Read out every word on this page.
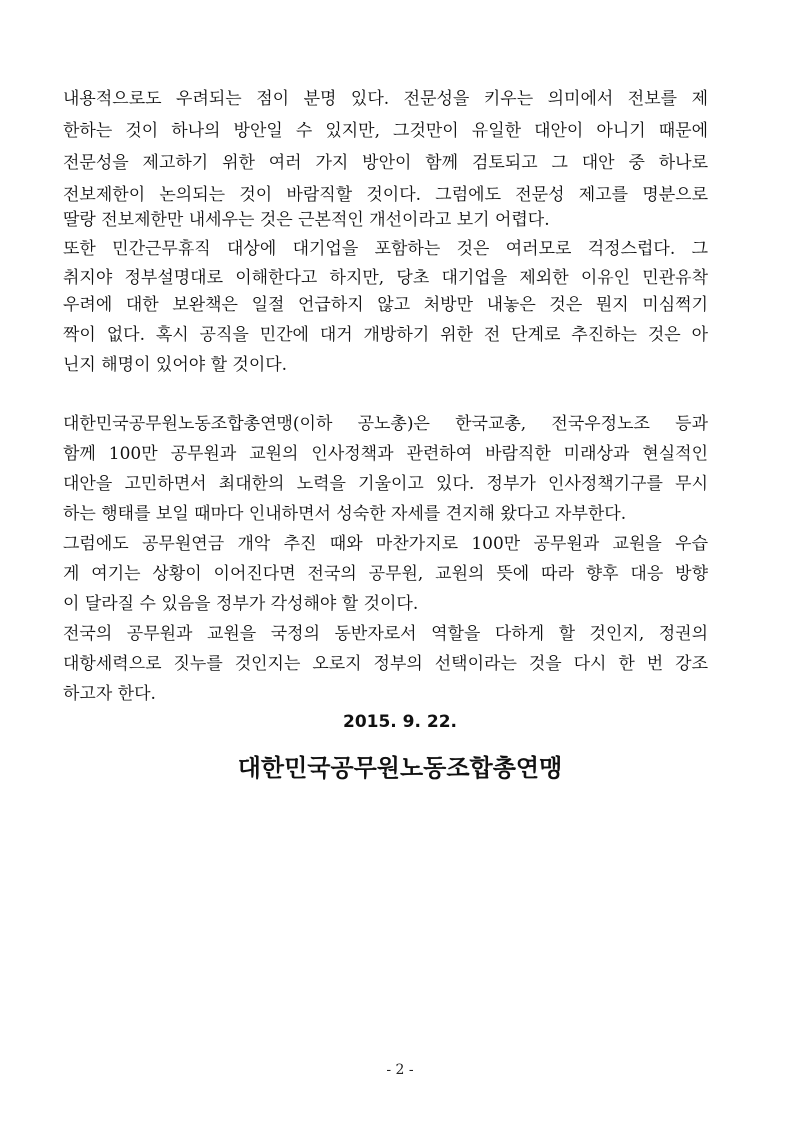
내용적으로도 우려되는 점이 분명 있다. 전문성을 키우는 의미에서 전보를 제
한하는 것이 하나의 방안일 수 있지만, 그것만이 유일한 대안이 아니기 때문에
전문성을 제고하기 위한 여러 가지 방안이 함께 검토되고 그 대안 중 하나로
전보제한이 논의되는 것이 바람직할 것이다. 그럼에도 전문성 제고를 명분으로
딸랑 전보제한만 내세우는 것은 근본적인 개선이라고 보기 어렵다.
또한 민간근무휴직 대상에 대기업을 포함하는 것은 여러모로 걱정스럽다. 그
취지야 정부설명대로 이해한다고 하지만, 당초 대기업을 제외한 이유인 민관유착
우려에 대한 보완책은 일절 언급하지 않고 처방만 내놓은 것은 뭔지 미심쩍기
짝이 없다. 혹시 공직을 민간에 대거 개방하기 위한 전 단계로 추진하는 것은 아
닌지 해명이 있어야 할 것이다.
대한민국공무원노동조합총연맹(이하 공노총)은 한국교총, 전국우정노조 등과
함께 100만 공무원과 교원의 인사정책과 관련하여 바람직한 미래상과 현실적인
대안을 고민하면서 최대한의 노력을 기울이고 있다. 정부가 인사정책기구를 무시
하는 행태를 보일 때마다 인내하면서 성숙한 자세를 견지해 왔다고 자부한다.
그럼에도 공무원연금 개악 추진 때와 마찬가지로 100만 공무원과 교원을 우습
게 여기는 상황이 이어진다면 전국의 공무원, 교원의 뜻에 따라 향후 대응 방향
이 달라질 수 있음을 정부가 각성해야 할 것이다.
전국의 공무원과 교원을 국정의 동반자로서 역할을 다하게 할 것인지, 정권의
대항세력으로 짓누를 것인지는 오로지 정부의 선택이라는 것을 다시 한 번 강조
하고자 한다.
2015. 9. 22.
대한민국공무원노동조합총연맹
- 2 -
